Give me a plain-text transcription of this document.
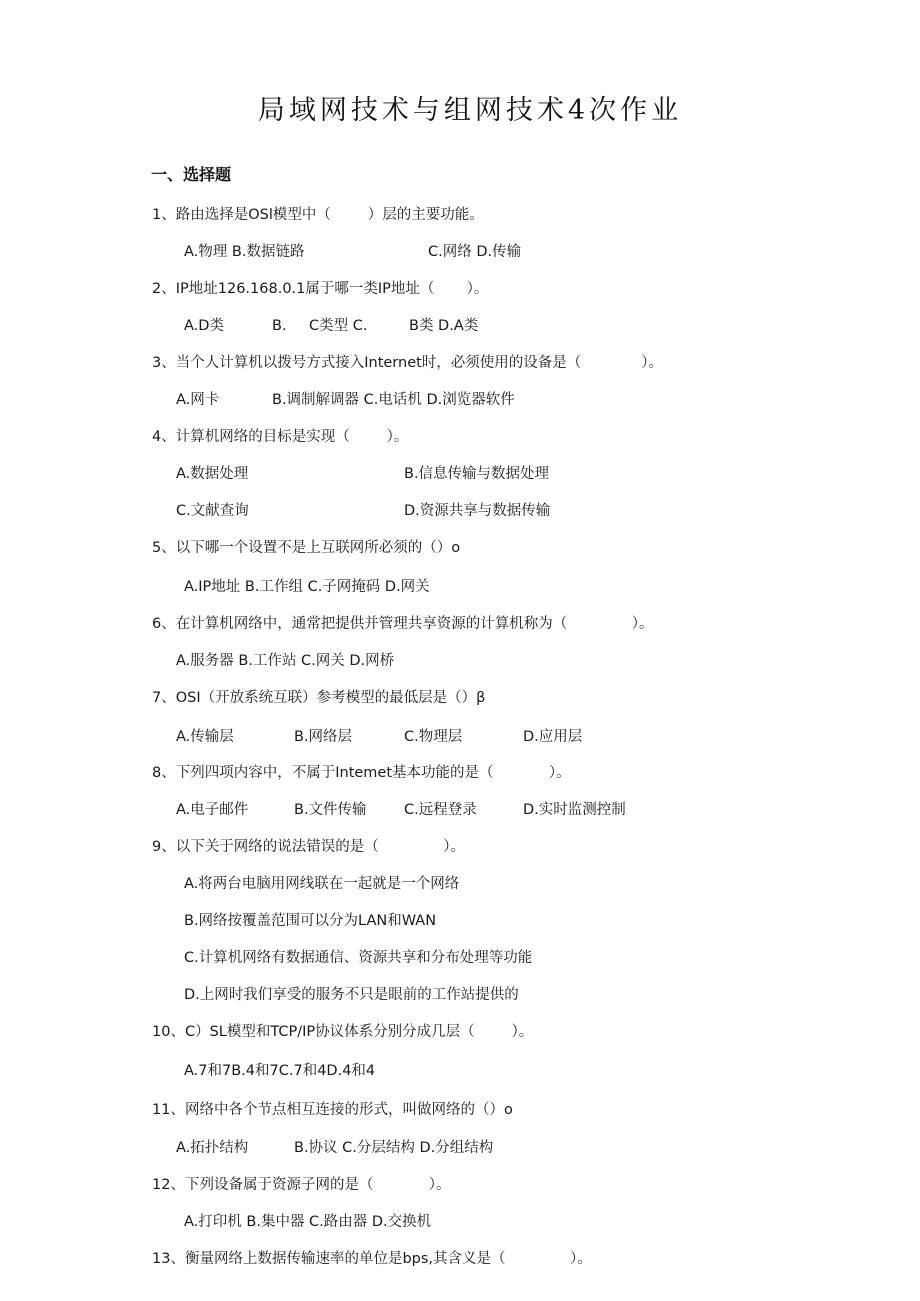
局域网技术与组网技术4次作业
一、选择题
1、路由选择是OSl模型中（        ）层的主要功能。
A.物理 B.数据链路	C.网络 D.传输
2、IP地址126.168.0.1属于哪一类IP地址（       ）。
A.D类	B. C类型 C.	B类 D.A类
3、当个人计算机以拨号方式接入Internet时，必须使用的设备是（             ）。
A.网卡	B.调制解调器 C.电话机 D.浏览器软件
4、计算机网络的目标是实现（        ）。
A.数据处理	B.信息传输与数据处理
C.文献查询	D.资源共享与数据传输
5、以下哪一个设置不是上互联网所必须的（）o
A.IP地址 B.工作组 C.子网掩码 D.网关
6、在计算机网络中，通常把提供并管理共享资源的计算机称为（              ）。
A.服务器 B.工作站 C.网关 D.网桥
7、OSI（开放系统互联）参考模型的最低层是（）β
A.传输层	B.网络层	C.物理层	D.应用层
8、下列四项内容中，不属于Intemet基本功能的是（            ）。
A.电子邮件	B.文件传输	C.远程登录	D.实时监测控制
9、以下关于网络的说法错误的是（              ）。
A.将两台电脑用网线联在一起就是一个网络
B.网络按覆盖范围可以分为LAN和WAN
C.计算机网络有数据通信、资源共享和分布处理等功能
D.上网时我们享受的服务不只是眼前的工作站提供的
10、C）SL模型和TCP/IP协议体系分别分成几层（        ）。
A.7和7B.4和7C.7和4D.4和4
11、网络中各个节点相互连接的形式，叫做网络的（）o
A.拓扑结构	B.协议 C.分层结构 D.分组结构
12、下列设备属于资源子网的是（            ）。
A.打印机 B.集中器 C.路由器 D.交换机
13、衡量网络上数据传输速率的单位是bps,其含义是（              ）。
